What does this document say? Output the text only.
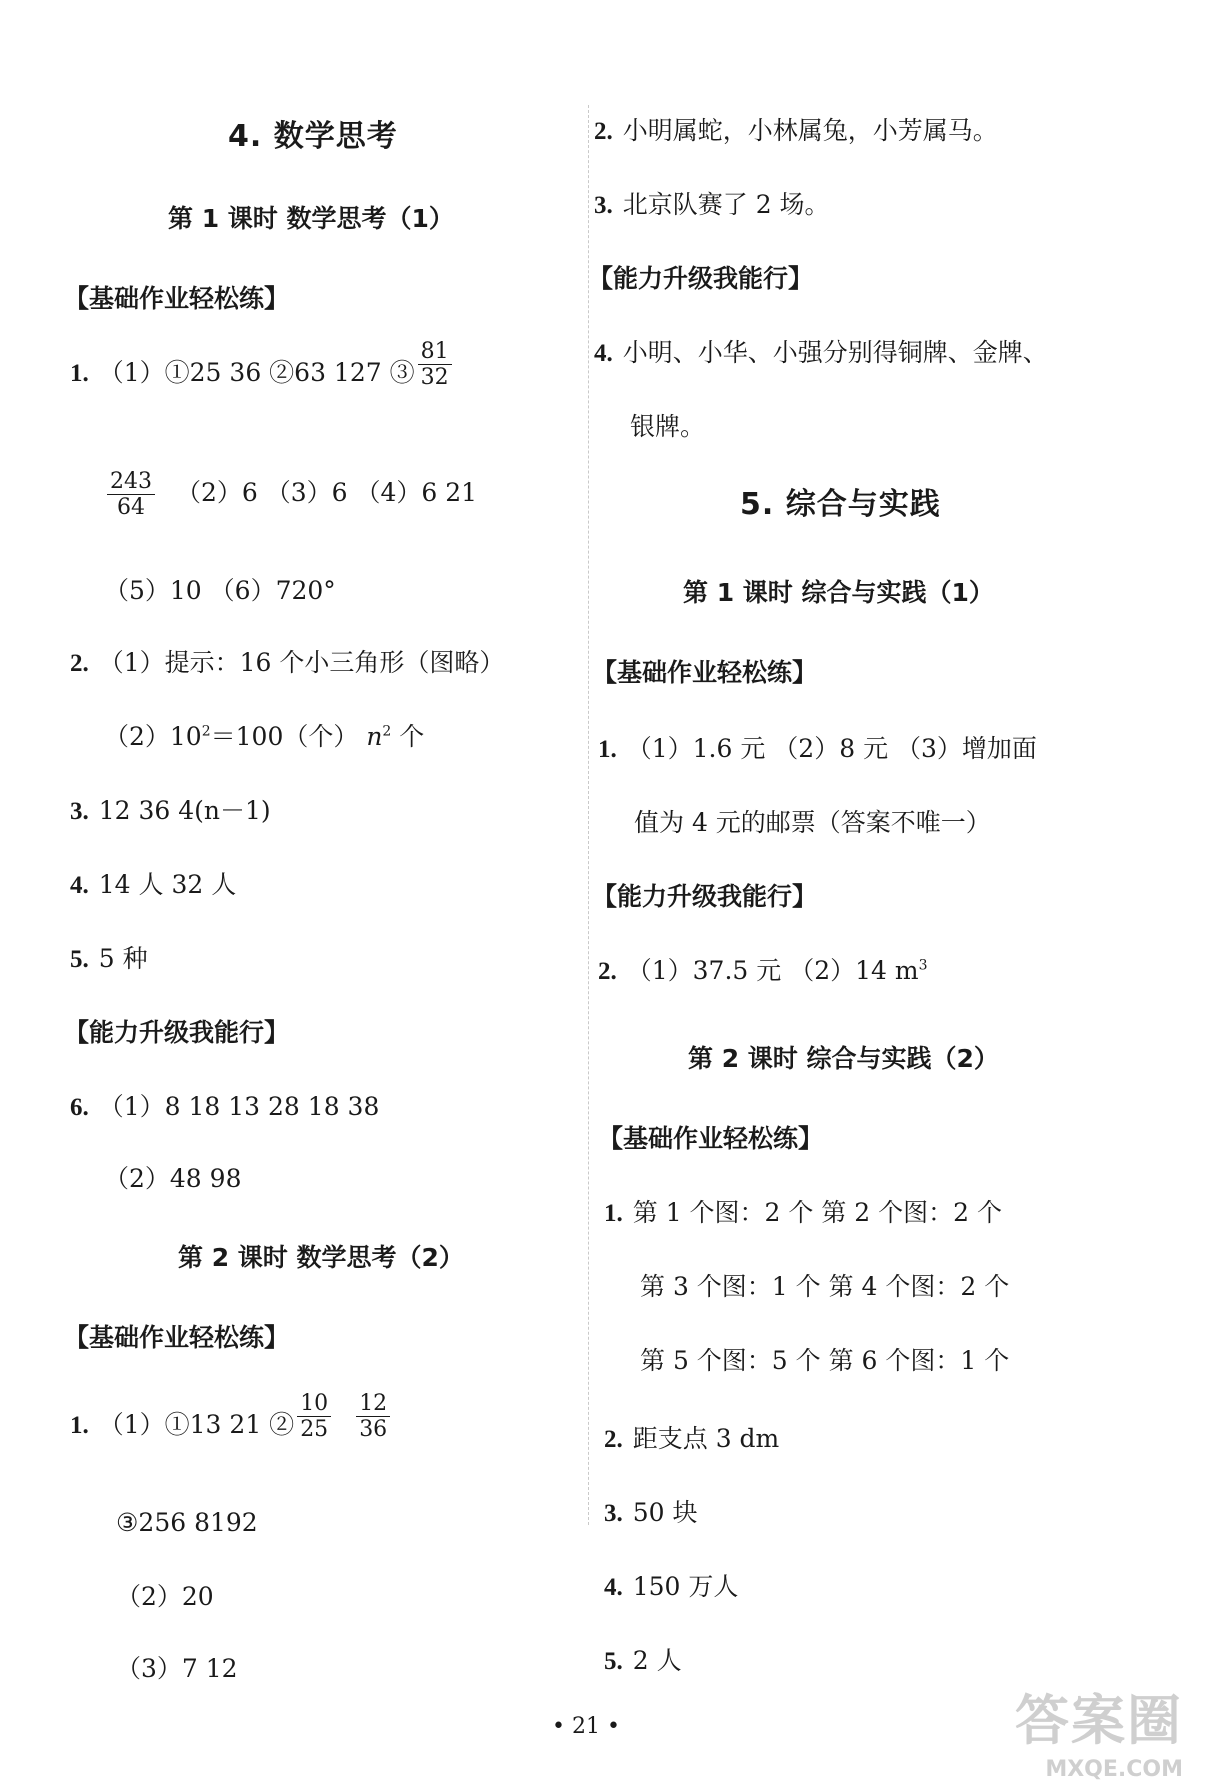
4. 数学思考
第 1 课时 数学思考（1）
【基础作业轻松练】
1. （1）①25 36 ②63 127 ③ $\frac{81}{32}$
$\frac{243}{64} (2)6$ （3）6 （4）6 21
（5）10 （6）720°
2. （1）提示：16 个小三角形（图略）
$(2)10^2=100$（个） $n^2$ 个
3. 12 36 4(n－1)
4. 14 人 32 人
5. 5 种
【能力升级我能行】
6. （1）8 18 13 28 18 38
（2）48 98
第 2 课时 数学思考（2）
【基础作业轻松练】
1. （1）①13 21 ② $\frac{10}{25} \frac{12}{36}$
③256 8192
（2）20
（3）7 12
2. 小明属蛇，小林属兔，小芳属马。
3. 北京队赛了 2 场。
【能力升级我能行】
4. 小明、小华、小强分别得铜牌、金牌、
银牌。
5. 综合与实践
第 1 课时 综合与实践（1）
【基础作业轻松练】
1. （1）1.6 元 （2）8 元 （3）增加面
值为 4 元的邮票（答案不唯一）
【能力升级我能行】
2. （1）37.5 元 （2）14 $m^3$
第 2 课时 综合与实践（2）
【基础作业轻松练】
1. 第 1 个图：2 个 第 2 个图：2 个
第 3 个图：1 个 第 4 个图：2 个
第 5 个图：5 个 第 6 个图：1 个
2. 距支点 3 dm
3. 50 块
4. 150 万人
5. 2 人
• 21 •	答案圈
MXQE.COM
